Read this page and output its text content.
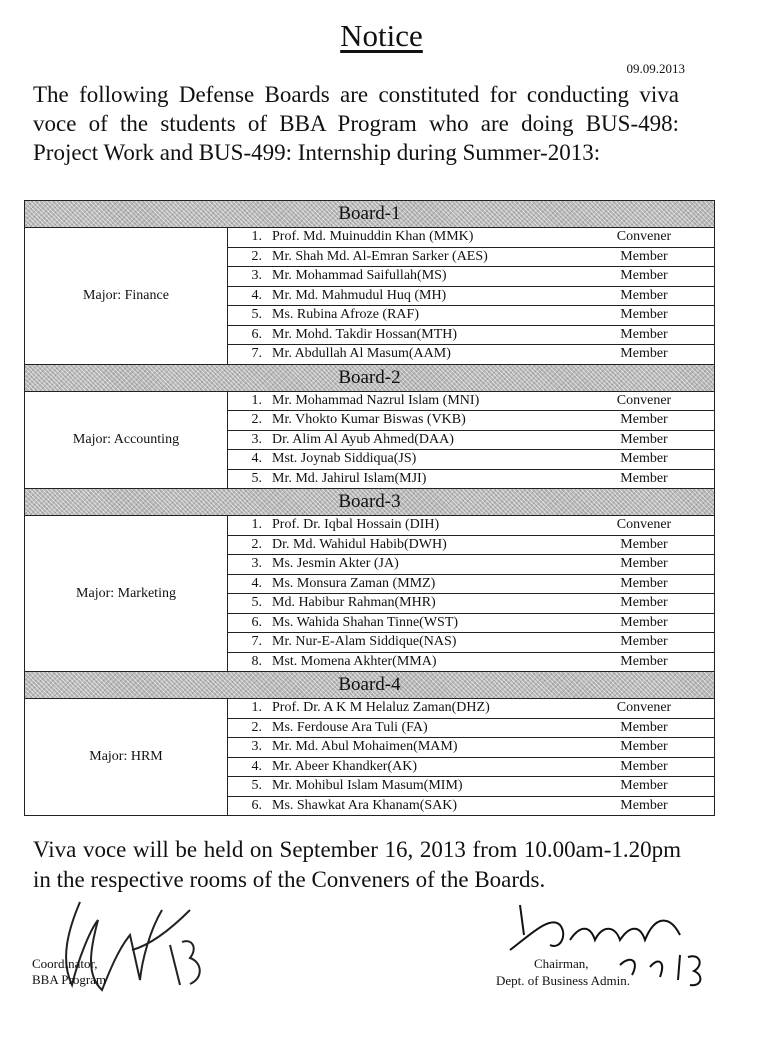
Notice
09.09.2013
The following Defense Boards are constituted for conducting viva voce of the students of BBA Program who are doing BUS-498: Project Work and BUS-499: Internship during Summer-2013:
Board-1	
Major: Finance	1. Prof. Md. Muinuddin Khan (MMK) Convener
	2. Mr. Shah Md. Al-Emran Sarker (AES) Member
	3. Mr. Mohammad Saifullah(MS) Member
	4. Mr. Md. Mahmudul Huq (MH) Member
	5. Ms. Rubina Afroze (RAF) Member
	6. Mr. Mohd. Takdir Hossan(MTH) Member
	7. Mr. Abdullah Al Masum(AAM) Member
Board-2	
Major: Accounting	1. Mr. Mohammad Nazrul Islam (MNI) Convener
	2. Mr. Vhokto Kumar Biswas (VKB) Member
	3. Dr. Alim Al Ayub Ahmed(DAA) Member
	4. Mst. Joynab Siddiqua(JS) Member
	5. Mr. Md. Jahirul Islam(MJI) Member
Board-3	
Major: Marketing	1. Prof. Dr. Iqbal Hossain (DIH) Convener
	2. Dr. Md. Wahidul Habib(DWH) Member
	3. Ms. Jesmin Akter (JA) Member
	4. Ms. Monsura Zaman (MMZ) Member
	5. Md. Habibur Rahman(MHR) Member
	6. Ms. Wahida Shahan Tinne(WST) Member
	7. Mr. Nur-E-Alam Siddique(NAS) Member
	8. Mst. Momena Akhter(MMA) Member
Board-4	
Major: HRM	1. Prof. Dr. A K M Helaluz Zaman(DHZ) Convener
	2. Ms. Ferdouse Ara Tuli (FA) Member
	3. Mr. Md. Abul Mohaimen(MAM) Member
	4. Mr. Abeer Khandker(AK) Member
	5. Mr. Mohibul Islam Masum(MIM) Member
	6. Ms. Shawkat Ara Khanam(SAK) Member
Viva voce will be held on September 16, 2013 from 10.00am-1.20pm in the respective rooms of the Conveners of the Boards.
Coordinator,
BBA Program
Chairman,
Dept. of Business Admin.
